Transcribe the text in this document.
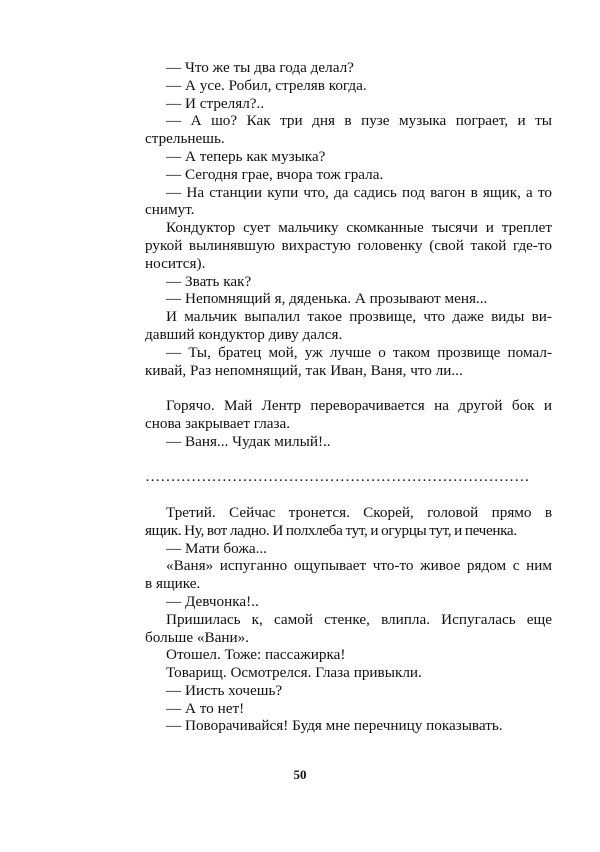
— Что же ты два года делал?
— А усе. Робил, стреляв когда.
— И стрелял?..
— А шо? Как три дня в пузе музыка пограет, и ты
стрельнешь.
— А теперь как музыка?
— Сегодня грае, вчора тож грала.
— На станции купи что, да садись под вагон в ящик, а то
снимут.
Кондуктор сует мальчику скомканные тысячи и треплет
рукой вылинявшую вихрастую головенку (свой такой где-то
носится).
— Звать как?
— Непомнящий я, дяденька. А прозывают меня...
И мальчик выпалил такое прозвище, что даже виды ви-
давший кондуктор диву дался.
— Ты, братец мой, уж лучше о таком прозвище помал-
кивай, Раз непомнящий, так Иван, Ваня, что ли...
Горячо. Май Лентр переворачивается на другой бок и
снова закрывает глаза.
— Ваня... Чудак милый!..
…………………………………………………………………
Третий. Сейчас тронется. Скорей, головой прямо в
ящик. Ну, вот ладно. И полхлеба тут, и огурцы тут, и печенка.
— Мати божа...
«Ваня» испуганно ощупывает что-то живое рядом с ним
в ящике.
— Девчонка!..
Пришилась к, самой стенке, влипла. Испугалась еще
больше «Вани».
Отошел. Тоже: пассажирка!
Товарищ. Осмотрелся. Глаза привыкли.
— Иисть хочешь?
— А то нет!
— Поворачивайся! Будя мне перечницу показывать.
50
